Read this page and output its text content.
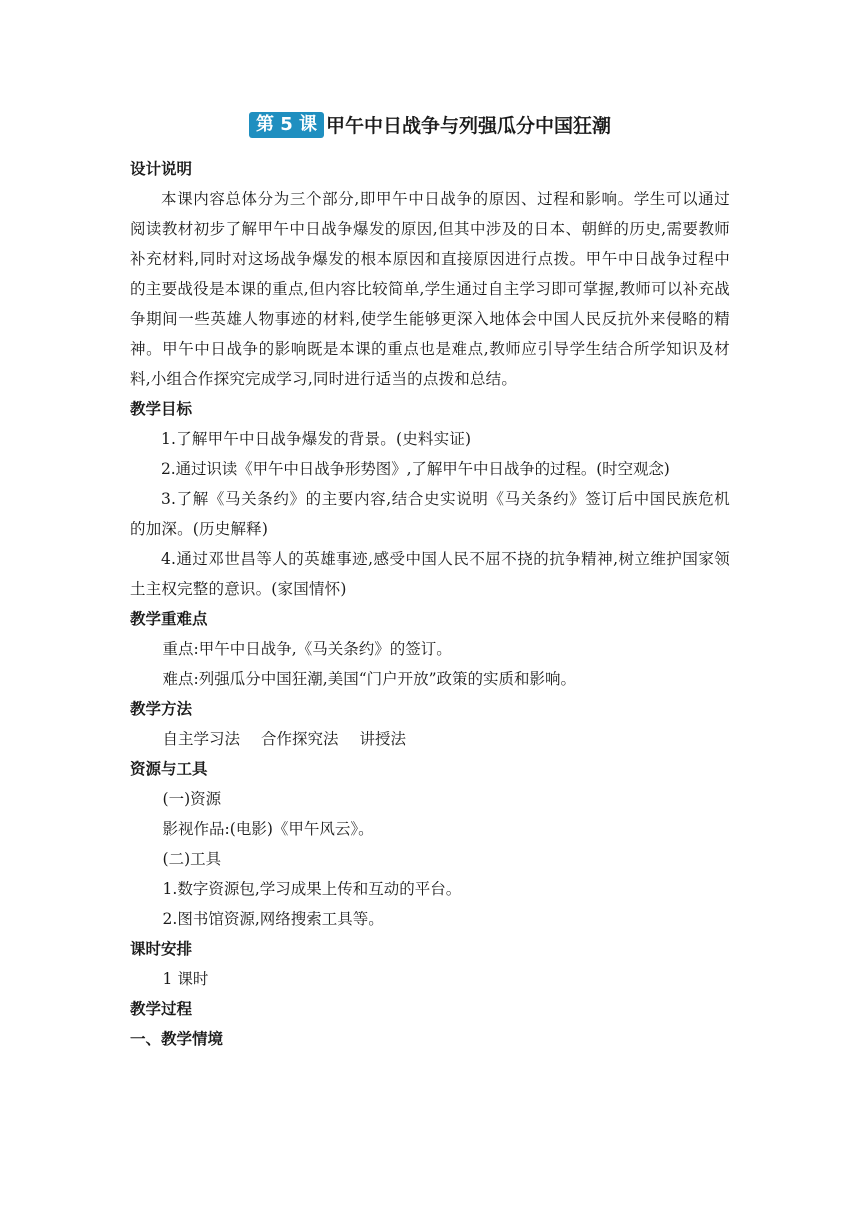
第 5 课 甲午中日战争与列强瓜分中国狂潮
设计说明
本课内容总体分为三个部分,即甲午中日战争的原因、过程和影响。学生可以通过阅读教材初步了解甲午中日战争爆发的原因,但其中涉及的日本、朝鲜的历史,需要教师补充材料,同时对这场战争爆发的根本原因和直接原因进行点拨。甲午中日战争过程中的主要战役是本课的重点,但内容比较简单,学生通过自主学习即可掌握,教师可以补充战争期间一些英雄人物事迹的材料,使学生能够更深入地体会中国人民反抗外来侵略的精神。甲午中日战争的影响既是本课的重点也是难点,教师应引导学生结合所学知识及材料,小组合作探究完成学习,同时进行适当的点拨和总结。
教学目标
1.了解甲午中日战争爆发的背景。(史料实证)
2.通过识读《甲午中日战争形势图》,了解甲午中日战争的过程。(时空观念)
3.了解《马关条约》的主要内容,结合史实说明《马关条约》签订后中国民族危机的加深。(历史解释)
4.通过邓世昌等人的英雄事迹,感受中国人民不屈不挠的抗争精神,树立维护国家领土主权完整的意识。(家国情怀)
教学重难点
重点:甲午中日战争,《马关条约》的签订。
难点:列强瓜分中国狂潮,美国“门户开放”政策的实质和影响。
教学方法
自主学习法 合作探究法 讲授法
资源与工具
(一)资源
影视作品:(电影)《甲午风云》。
(二)工具
1.数字资源包,学习成果上传和互动的平台。
2.图书馆资源,网络搜索工具等。
课时安排
1 课时
教学过程
一、教学情境
